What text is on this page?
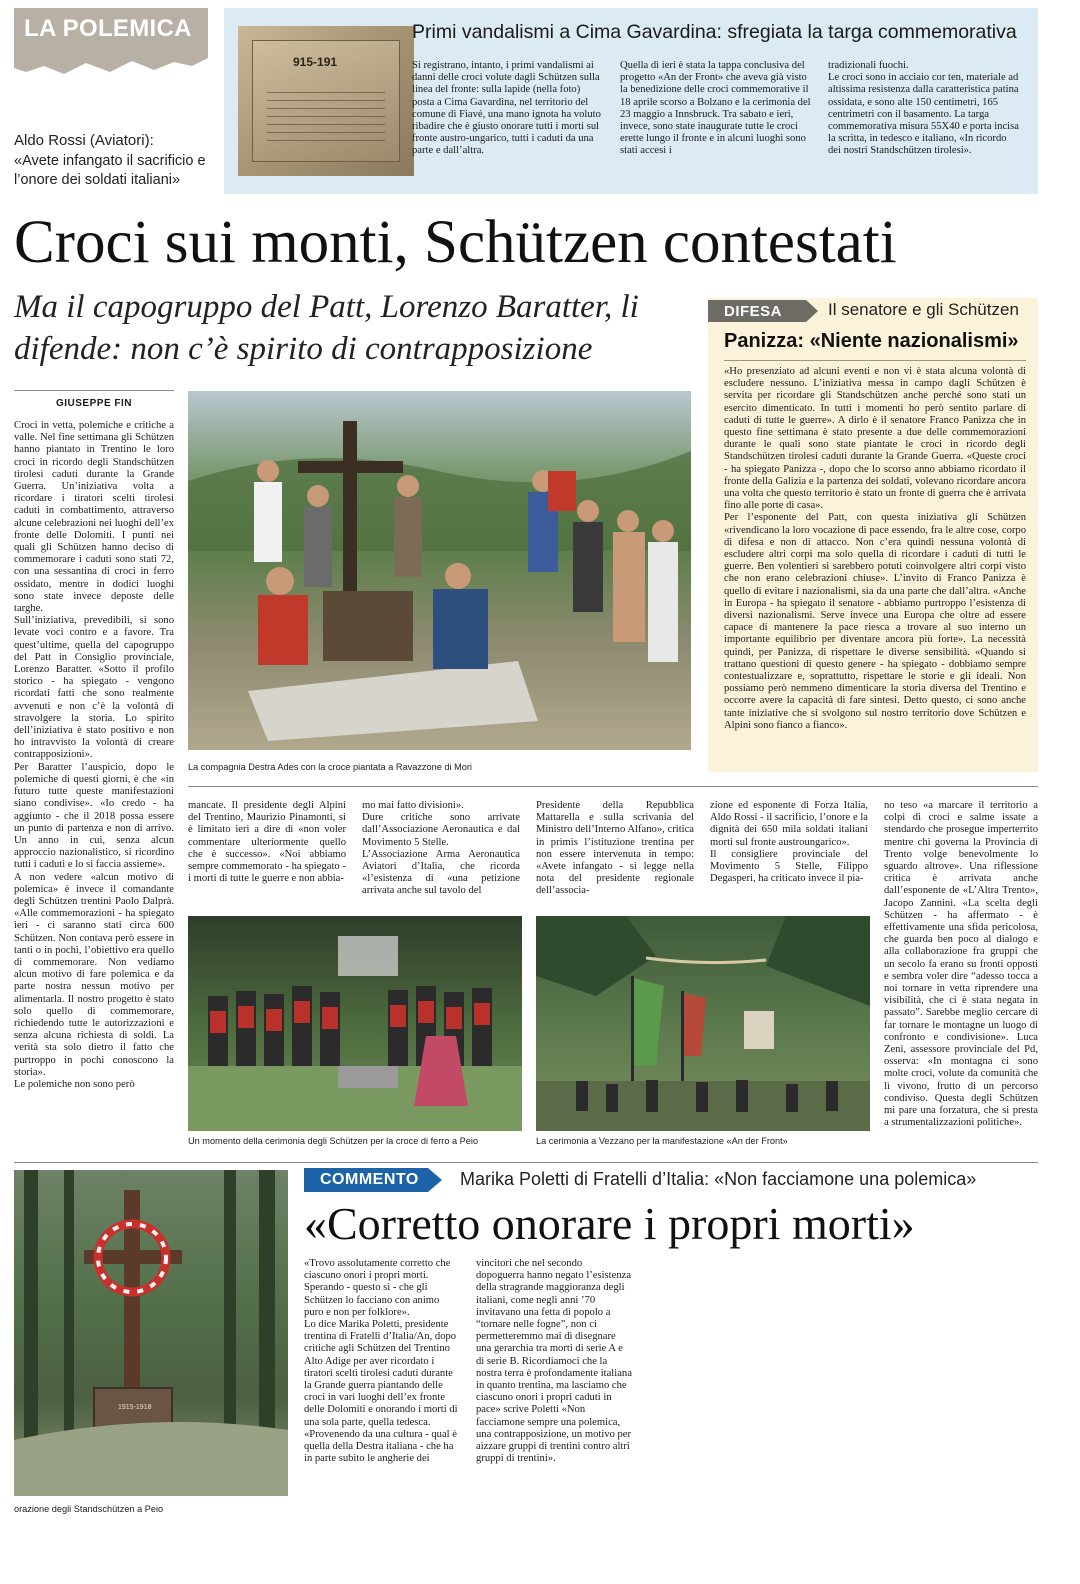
LA POLEMICA
Aldo Rossi (Aviatori):
«Avete infangato il sacrificio e l’onore dei soldati italiani»
915-191
Primi vandalismi a Cima Gavardina: sfregiata la targa commemorativa

Si registrano, intanto, i primi vandalismi ai danni delle croci volute dagli Schützen sulla linea del fronte: sulla lapide (nella foto) posta a Cima Gavardina, nel territorio del comune di Fiavé, una mano ignota ha voluto ribadire che è giusto onorare tutti i morti sul fronte austro-ungarico, tutti i caduti da una parte e dall’altra.

Quella di ieri è stata la tappa conclusiva del progetto «An der Front» che aveva già visto la benedizione delle croci commemorative il 18 aprile scorso a Bolzano e la cerimonia del 23 maggio a Innsbruck. Tra sabato e ieri, invece, sono state inaugurate tutte le croci erette lungo il fronte e in alcuni luoghi sono stati accesi i

tradizionali fuochi.
Le croci sono in acciaio cor ten, materiale ad altissima resistenza dalla caratteristica patina ossidata, e sono alte 150 centimetri, 165 centrimetri con il basamento. La targa commemorativa misura 55X40 e porta incisa la scritta, in tedesco e italiano, «In ricordo dei nostri Standschützen tirolesi».

Croci sui monti, Schützen contestati
Ma il capogruppo del Patt, Lorenzo Baratter, li difende: non c’è spirito di contrapposizione
DIFESA	Il senatore e gli Schützen
Panizza: «Niente nazionalismi»

«Ho presenziato ad alcuni eventi e non vi è stata alcuna volontà di escludere nessuno. L’iniziativa messa in campo dagli Schützen è servita per ricordare gli Standschützen anche perché sono stati un esercito dimenticato. In tutti i momenti ho però sentito parlare di caduti di tutte le guerre». A dirlo è il senatore Franco Panizza che in questo fine settimana è stato presente a due delle commemorazioni durante le quali sono state piantate le croci in ricordo degli Standschützen tirolesi caduti durante la Grande Guerra. «Queste croci - ha spiegato Panizza -, dopo che lo scorso anno abbiamo ricordato il fronte della Galizia e la partenza dei soldati, volevano ricordare ancora una volta che questo territorio è stato un fronte di guerra che è arrivata fino alle porte di casa».
Per l’esponente del Patt, con questa iniziativa gli Schützen «rivendicano la loro vocazione di pace essendo, fra le altre cose, corpo di difesa e non di attacco. Non c’era quindi nessuna volontà di escludere altri corpi ma solo quella di ricordare i caduti di tutti le guerre. Ben volentieri si sarebbero potuti coinvolgere altri corpi visto che non erano celebrazioni chiuse». L’invito di Franco Panizza è quello di evitare i nazionalismi, sia da una parte che dall’altra. «Anche in Europa - ha spiegato il senatore - abbiamo purtroppo l’esistenza di diversi nazionalismi. Serve invece una Europa che oltre ad essere capace di mantenere la pace riesca a trovare al suo interno un importante equilibrio per diventare ancora più forte». La necessità quindi, per Panizza, di rispettare le diverse sensibilità. «Quando si trattano questioni di questo genere - ha spiegato - dobbiamo sempre contestualizzare e, soprattutto, rispettare le storie e gli ideali. Non possiamo però nemmeno dimenticare la storia diversa del Trentino e occorre avere la capacità di fare sintesi. Detto questo, ci sono anche tante iniziative che si svolgono sul nostro territorio dove Schützen e Alpini sono fianco a fianco».

GIUSEPPE FIN

Croci in vetta, polemiche e critiche a valle. Nel fine settimana gli Schützen hanno piantato in Trentino le loro croci in ricordo degli Standschützen tirolesi caduti durante la Grande Guerra. Un’iniziativa volta a ricordare i tiratori scelti tirolesi caduti in combattimento, attraverso alcune celebrazioni nei luoghi dell’ex fronte delle Dolomiti. I punti nei quali gli Schützen hanno deciso di commemorare i caduti sono stati 72, con una sessantina di croci in ferro ossidato, mentre in dodici luoghi sono state invece deposte delle targhe.
Sull’iniziativa, prevedibili, si sono levate voci contro e a favore. Tra quest’ultime, quella del capogruppo del Patt in Consiglio provinciale, Lorenzo Baratter. «Sotto il profilo storico - ha spiegato - vengono ricordati fatti che sono realmente avvenuti e non c’è la volontà di stravolgere la storia. Lo spirito dell’iniziativa è stato positivo e non ho intravvisto la volontà di creare contrapposizioni».
Per Baratter l’auspicio, dopo le polemiche di questi giorni, è che «in futuro tutte queste manifestazioni siano condivise». «Io credo - ha aggiunto - che il 2018 possa essere un punto di partenza e non di arrivo. Un anno in cui, senza alcun approccio nazionalistico, si ricordino tutti i caduti e lo si faccia assieme».
A non vedere «alcun motivo di polemica» è invece il comandante degli Schützen trentini Paolo Dalprà. «Alle commemorazioni - ha spiegato ieri - ci saranno stati circa 600 Schützen. Non contava però essere in tanti o in pochi, l’obiettivo era quello di commemorare. Non vediamo alcun motivo di fare polemica e da parte nostra nessun motivo per alimentarla. Il nostro progetto è stato solo quello di commemorare, richiedendo tutte le autorizzazioni e senza alcuna richiesta di soldi. La verità sta solo dietro il fatto che purtroppo in pochi conoscono la storia».
Le polemiche non sono però

La compagnia Destra Ades con la croce piantata a Ravazzone di Mori

mancate. Il presidente degli Alpini del Trentino, Maurizio Pinamonti, si è limitato ieri a dire di «non voler commentare ulteriormente quello che è successo». «Noi abbiamo sempre commemorato - ha spiegato - i morti di tutte le guerre e non abbia-

mo mai fatto divisioni».
Dure critiche sono arrivate dall’Associazione Aeronautica e dal Movimento 5 Stelle.
L’Associazione Arma Aeronautica Aviatori d’Italia, che ricorda «l’esistenza di «una petizione arrivata anche sul tavolo del

Presidente della Repubblica Mattarella e sulla scrivania del Ministro dell’Interno Alfano», critica in primis l’istituzione trentina per non essere intervenuta in tempo: «Avete infangato - si legge nella nota del presidente regionale dell’associa-

zione ed esponente di Forza Italia, Aldo Rossi - il sacrificio, l’onore e la dignità dei 650 mila soldati italiani morti sul fronte austroungarico».
Il consigliere provinciale del Movimento 5 Stelle, Filippo Degasperi, ha criticato invece il pia-

no teso «a marcare il territorio a colpi di croci e salme issate a stendardo che prosegue imperterrito mentre chi governa la Provincia di Trento volge benevolmente lo sguardo altrove». Una riflessione critica è arrivata anche dall’esponente de «L’Altra Trento», Jacopo Zannini. «La scelta degli Schützen - ha affermato - è effettivamente una sfida pericolosa, che guarda ben poco al dialogo e alla collaborazione fra gruppi che un secolo fa erano su fronti opposti e sembra voler dire “adesso tocca a noi tornare in vetta riprendere una visibilità, che ci è stata negata in passato”. Sarebbe meglio cercare di far tornare le montagne un luogo di confronto e condivisione». Luca Zeni, assessore provinciale del Pd, osserva: «In montagna ci sono molte croci, volute da comunità che lì vivono, frutto di un percorso condiviso. Questa degli Schützen mi pare una forzatura, che si presta a strumentalizzazioni politiche».

Un momento della cerimonia degli Schützen per la croce di ferro a Peio	La cerimonia a Vezzano per la manifestazione «An der Front»
1915-1918
orazione degli Standschützen a Peio
COMMENTO Marika Poletti di Fratelli d’Italia: «Non facciamone una polemica»
«Corretto onorare i propri morti»

«Trovo assolutamente corretto che ciascuno onori i propri morti. Sperando - questo sì - che gli Schützen lo facciano con animo puro e non per folklore».
Lo dice Marika Poletti, presidente trentina di Fratelli d’Italia/An, dopo critiche agli Schützen del Trentino Alto Adige per aver ricordato i tiratori scelti tirolesi caduti durante la Grande guerra piantando delle croci in vari luoghi dell’ex fronte delle Dolomiti e onorando i morti di una sola parte, quella tedesca.
«Provenendo da una cultura - qual è quella della Destra italiana - che ha in parte subito le angherie dei

vincitori che nel secondo dopoguerra hanno negato l’esistenza della stragrande maggioranza degli italiani, come negli anni ’70 invitavano una fetta di popolo a “tornare nelle fogne”, non ci permetteremmo mai di disegnare una gerarchia tra morti di serie A e di serie B. Ricordiamoci che la nostra terra è profondamente italiana in quanto trentina, ma lasciamo che ciascuno onori i propri caduti in pace» scrive Poletti «Non facciamone sempre una polemica, una contrapposizione, un motivo per aizzare gruppi di trentini contro altri gruppi di trentini».
